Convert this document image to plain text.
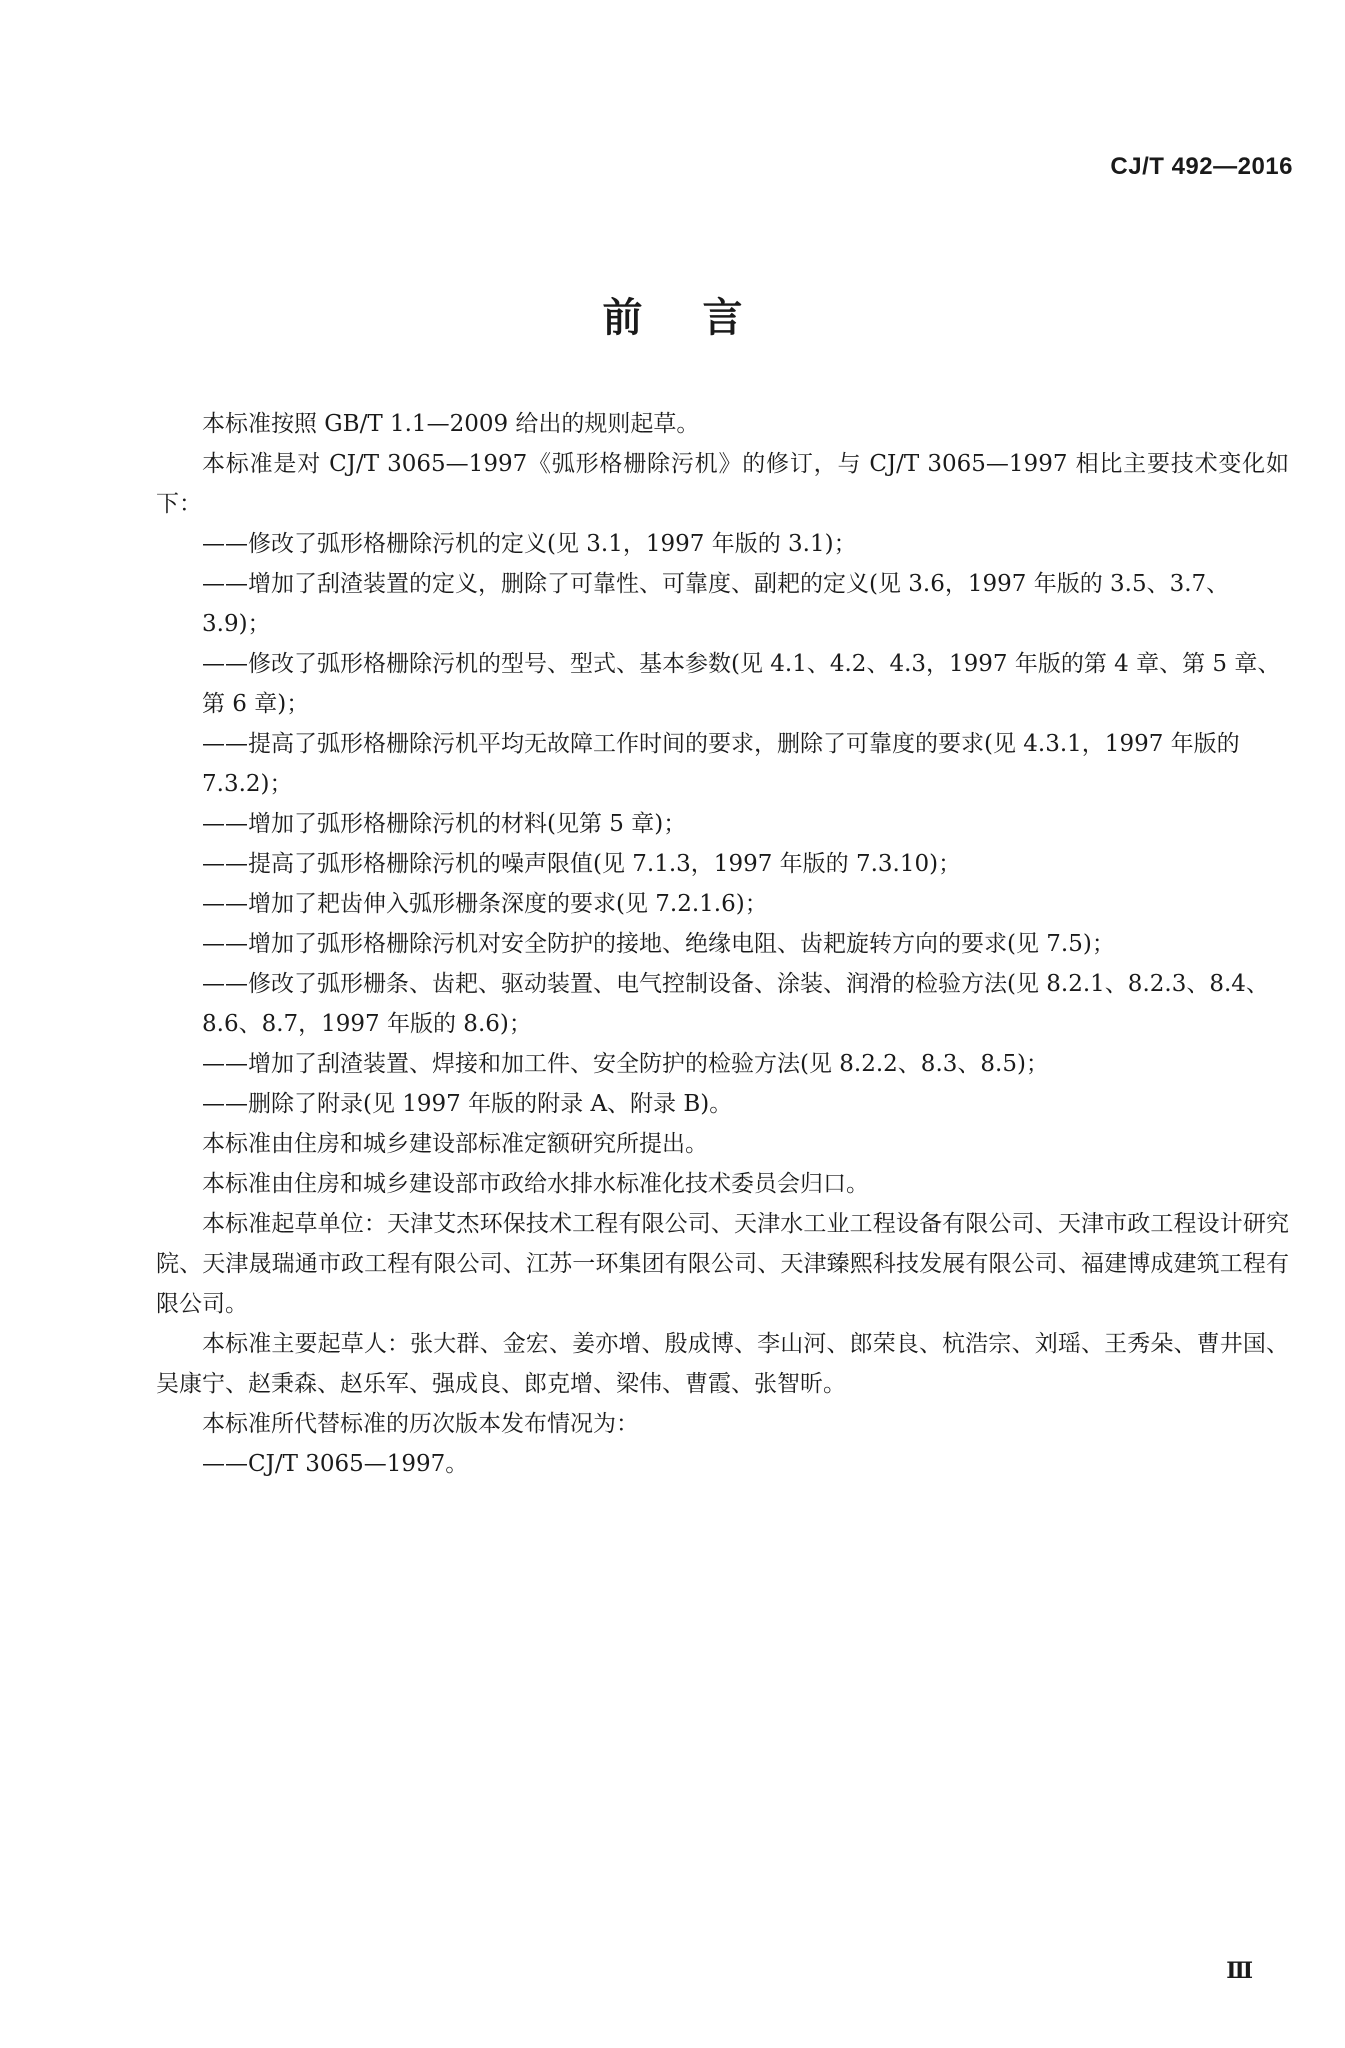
CJ/T 492—2016
前言

本标准按照 GB/T 1.1—2009 给出的规则起草。

本标准是对 CJ/T 3065—1997《弧形格栅除污机》的修订，与 CJ/T 3065—1997 相比主要技术变化如下：

——修改了弧形格栅除污机的定义(见 3.1，1997 年版的 3.1)；
——增加了刮渣装置的定义，删除了可靠性、可靠度、副耙的定义(见 3.6，1997 年版的 3.5、3.7、3.9)；
——修改了弧形格栅除污机的型号、型式、基本参数(见 4.1、4.2、4.3，1997 年版的第 4 章、第 5 章、第 6 章)；
——提高了弧形格栅除污机平均无故障工作时间的要求，删除了可靠度的要求(见 4.3.1，1997 年版的 7.3.2)；
——增加了弧形格栅除污机的材料(见第 5 章)；
——提高了弧形格栅除污机的噪声限值(见 7.1.3，1997 年版的 7.3.10)；
——增加了耙齿伸入弧形栅条深度的要求(见 7.2.1.6)；
——增加了弧形格栅除污机对安全防护的接地、绝缘电阻、齿耙旋转方向的要求(见 7.5)；
——修改了弧形栅条、齿耙、驱动装置、电气控制设备、涂装、润滑的检验方法(见 8.2.1、8.2.3、8.4、8.6、8.7，1997 年版的 8.6)；
——增加了刮渣装置、焊接和加工件、安全防护的检验方法(见 8.2.2、8.3、8.5)；
——删除了附录(见 1997 年版的附录 A、附录 B)。

本标准由住房和城乡建设部标准定额研究所提出。

本标准由住房和城乡建设部市政给水排水标准化技术委员会归口。

本标准起草单位：天津艾杰环保技术工程有限公司、天津水工业工程设备有限公司、天津市政工程设计研究院、天津晟瑞通市政工程有限公司、江苏一环集团有限公司、天津臻熙科技发展有限公司、福建博成建筑工程有限公司。

本标准主要起草人：张大群、金宏、姜亦增、殷成博、李山河、郎荣良、杭浩宗、刘瑶、王秀朵、曹井国、吴康宁、赵秉森、赵乐军、强成良、郎克增、梁伟、曹霞、张智昕。

本标准所代替标准的历次版本发布情况为：

——CJ/T 3065—1997。
Ⅲ
